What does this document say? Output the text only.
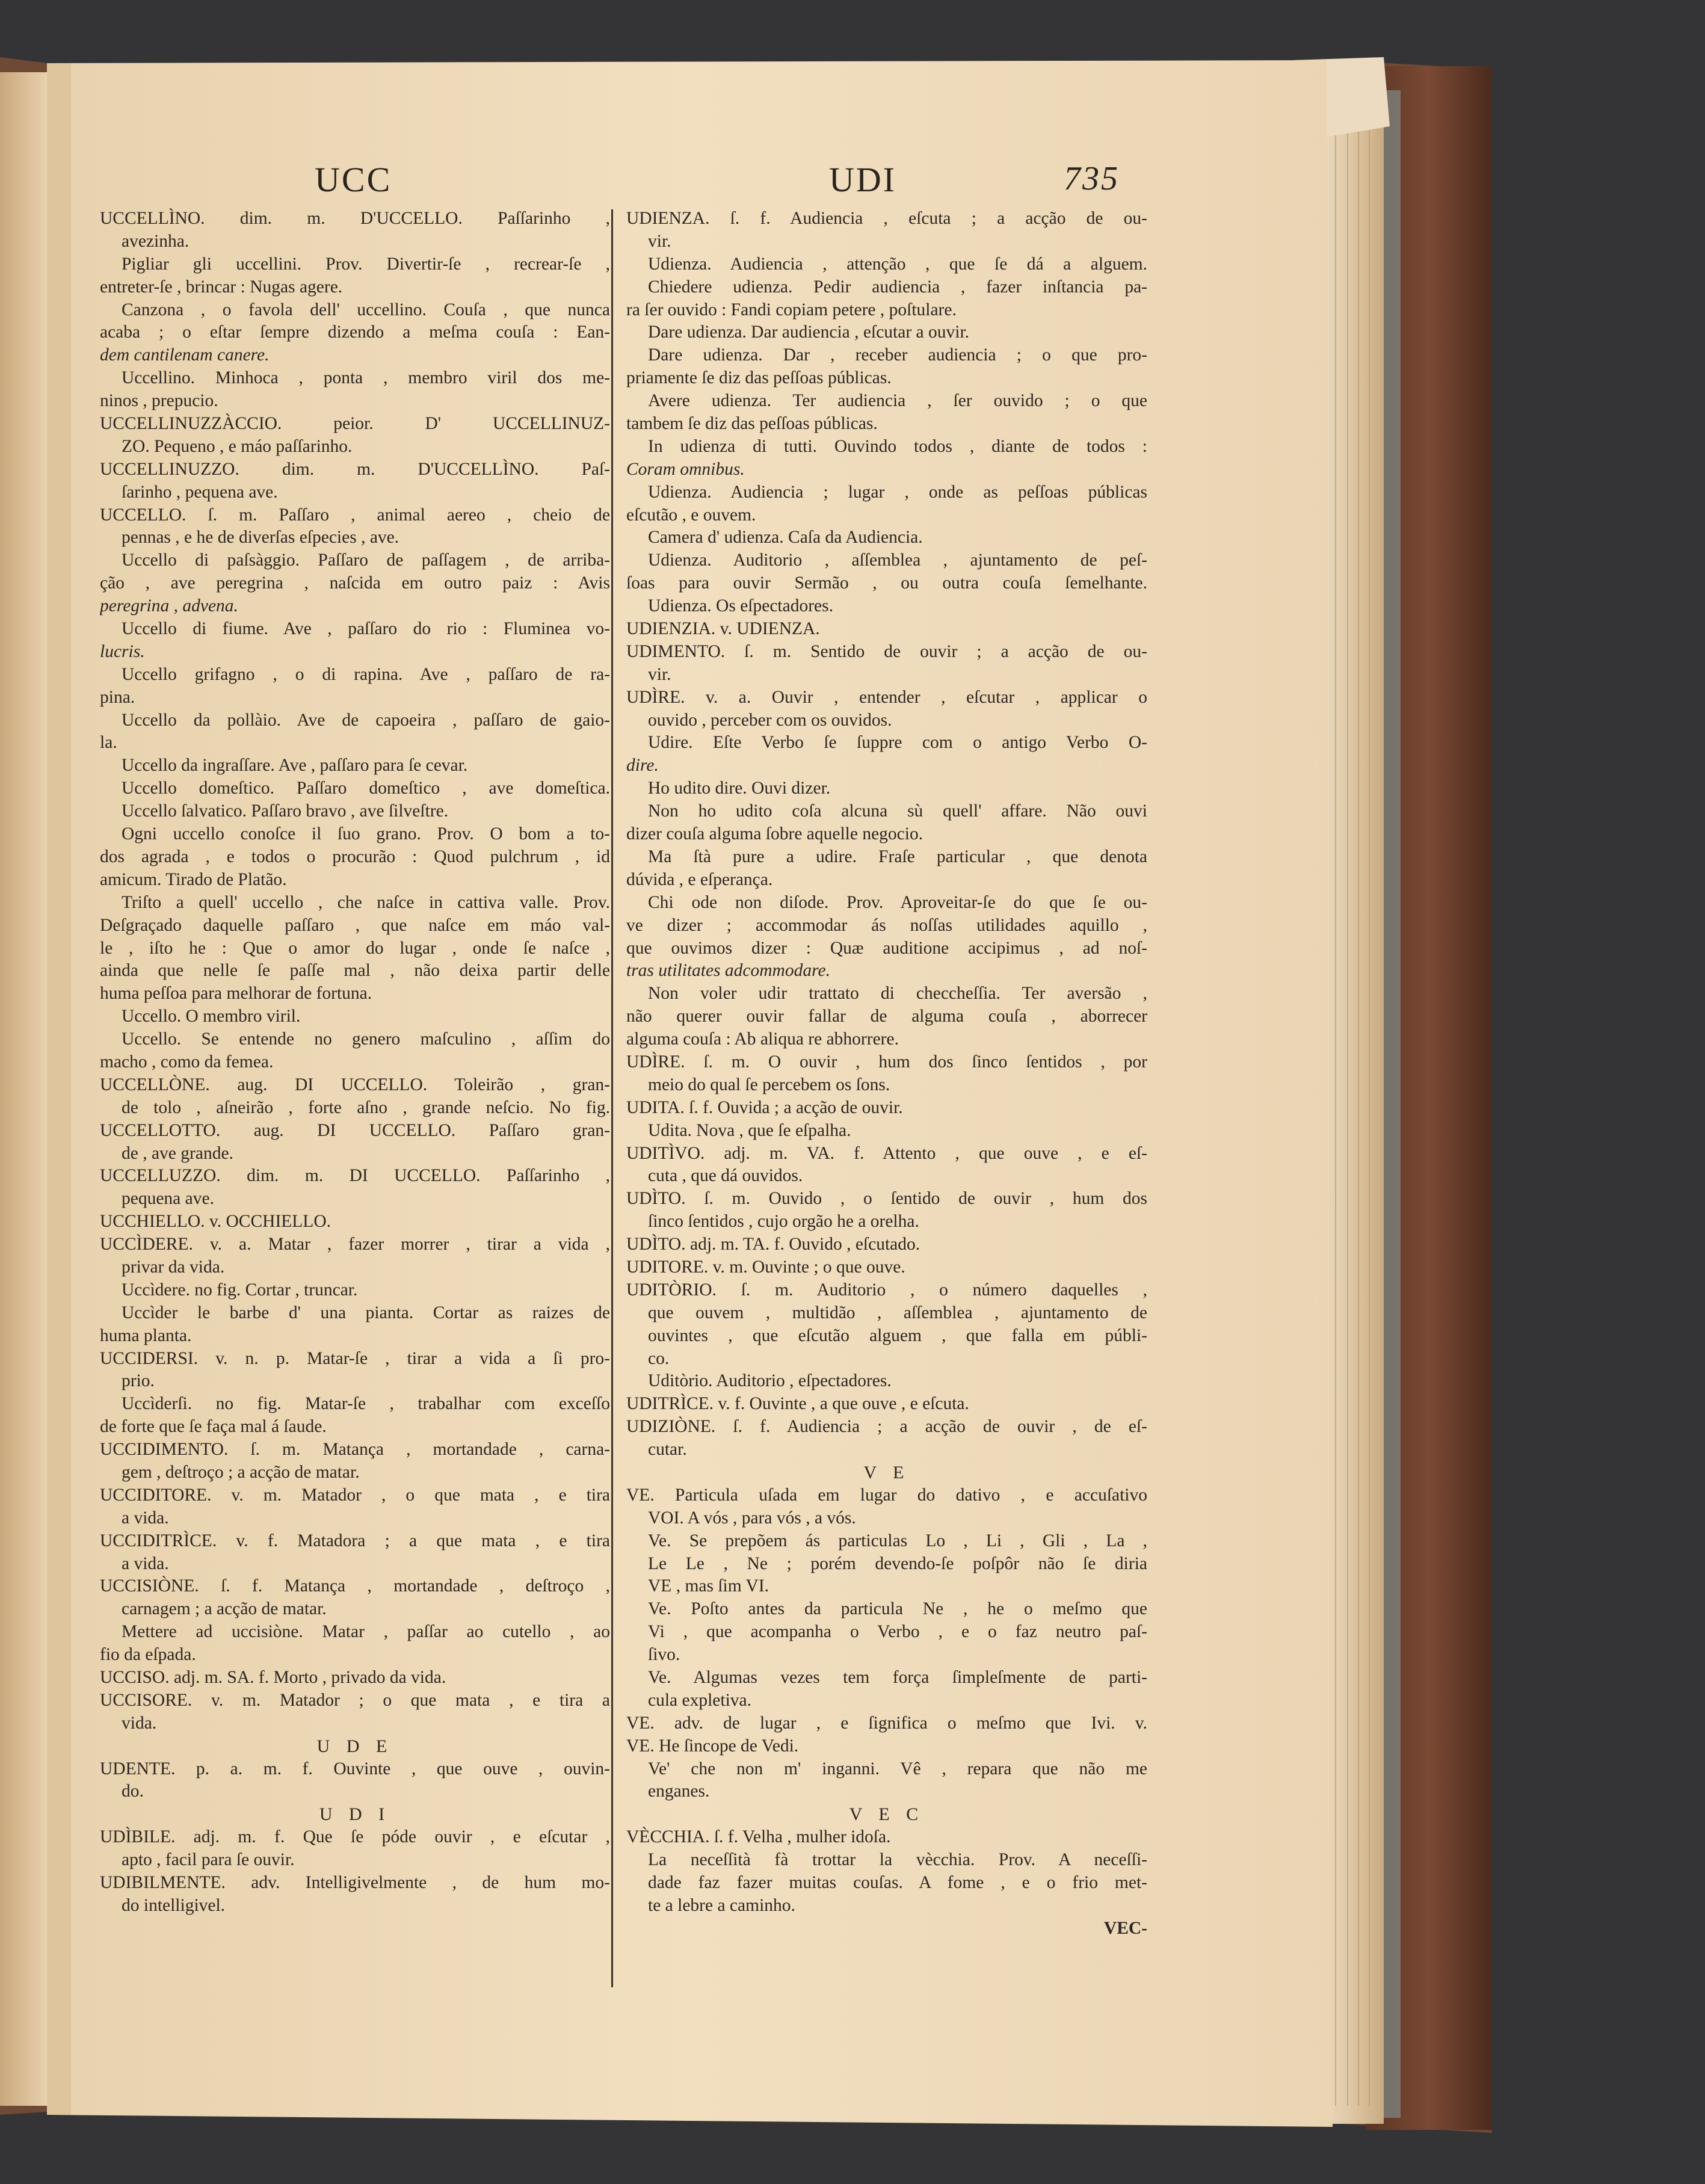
UCC	UDI	735
UCCELLÌNO. dim. m. D'UCCELLO. Paſſarinho ,
avezinha.
Pigliar gli uccellini. Prov. Divertir-ſe , recrear-ſe ,
entreter-ſe , brincar : Nugas agere.
Canzona , o favola dell' uccellino. Couſa , que nunca
acaba ; o eſtar ſempre dizendo a meſma couſa : Ean-
dem cantilenam canere.
Uccellino. Minhoca , ponta , membro viril dos me-
ninos , prepucio.
UCCELLINUZZÀCCIO. peior. D' UCCELLINUZ-
ZO. Pequeno , e máo paſſarinho.
UCCELLINUZZO. dim. m. D'UCCELLÌNO. Paſ-
ſarinho , pequena ave.
UCCELLO. ſ. m. Paſſaro , animal aereo , cheio de
pennas , e he de diverſas eſpecies , ave.
Uccello di paſsàggio. Paſſaro de paſſagem , de arriba-
ção , ave peregrina , naſcida em outro paiz : Avis
peregrina , advena.
Uccello di fiume. Ave , paſſaro do rio : Fluminea vo-
lucris.
Uccello grifagno , o di rapina. Ave , paſſaro de ra-
pina.
Uccello da pollàio. Ave de capoeira , paſſaro de gaio-
la.
Uccello da ingraſſare. Ave , paſſaro para ſe cevar.
Uccello domeſtico. Paſſaro domeſtico , ave domeſtica.
Uccello ſalvatico. Paſſaro bravo , ave ſilveſtre.
Ogni uccello conoſce il ſuo grano. Prov. O bom a to-
dos agrada , e todos o procurão : Quod pulchrum , id
amicum. Tirado de Platão.
Triſto a quell' uccello , che naſce in cattiva valle. Prov.
Deſgraçado daquelle paſſaro , que naſce em máo val-
le , iſto he : Que o amor do lugar , onde ſe naſce ,
ainda que nelle ſe paſſe mal , não deixa partir delle
huma peſſoa para melhorar de fortuna.
Uccello. O membro viril.
Uccello. Se entende no genero maſculino , aſſim do
macho , como da femea.
UCCELLÒNE. aug. DI UCCELLO. Toleirão , gran-
de tolo , aſneirão , forte aſno , grande neſcio. No fig.
UCCELLOTTO. aug. DI UCCELLO. Paſſaro gran-
de , ave grande.
UCCELLUZZO. dim. m. DI UCCELLO. Paſſarinho ,
pequena ave.
UCCHIELLO. v. OCCHIELLO.
UCCÌDERE. v. a. Matar , fazer morrer , tirar a vida ,
privar da vida.
Uccìdere. no fig. Cortar , truncar.
Uccìder le barbe d' una pianta. Cortar as raizes de
huma planta.
UCCIDERSI. v. n. p. Matar-ſe , tirar a vida a ſi pro-
prio.
Uccìderſi. no fig. Matar-ſe , trabalhar com exceſſo
de forte que ſe faça mal á ſaude.
UCCIDIMENTO. ſ. m. Matança , mortandade , carna-
gem , deſtroço ; a acção de matar.
UCCIDITORE. v. m. Matador , o que mata , e tira
a vida.
UCCIDITRÌCE. v. f. Matadora ; a que mata , e tira
a vida.
UCCISIÒNE. ſ. f. Matança , mortandade , deſtroço ,
carnagem ; a acção de matar.
Mettere ad uccisiòne. Matar , paſſar ao cutello , ao
fio da eſpada.
UCCISO. adj. m. SA. f. Morto , privado da vida.
UCCISORE. v. m. Matador ; o que mata , e tira a
vida.
U D E
UDENTE. p. a. m. f. Ouvinte , que ouve , ouvin-
do.
U D I
UDÌBILE. adj. m. f. Que ſe póde ouvir , e eſcutar ,
apto , facil para ſe ouvir.
UDIBILMENTE. adv. Intelligivelmente , de hum mo-
do intelligivel.
UDIENZA. ſ. f. Audiencia , eſcuta ; a acção de ou-
vir.
Udienza. Audiencia , attenção , que ſe dá a alguem.
Chiedere udienza. Pedir audiencia , fazer inſtancia pa-
ra ſer ouvido : Fandi copiam petere , poſtulare.
Dare udienza. Dar audiencia , eſcutar a ouvir.
Dare udienza. Dar , receber audiencia ; o que pro-
priamente ſe diz das peſſoas públicas.
Avere udienza. Ter audiencia , ſer ouvido ; o que
tambem ſe diz das peſſoas públicas.
In udienza di tutti. Ouvindo todos , diante de todos :
Coram omnibus.
Udienza. Audiencia ; lugar , onde as peſſoas públicas
eſcutão , e ouvem.
Camera d' udienza. Caſa da Audiencia.
Udienza. Auditorio , aſſemblea , ajuntamento de peſ-
ſoas para ouvir Sermão , ou outra couſa ſemelhante.
Udienza. Os eſpectadores.
UDIENZIA. v. UDIENZA.
UDIMENTO. ſ. m. Sentido de ouvir ; a acção de ou-
vir.
UDÌRE. v. a. Ouvir , entender , eſcutar , applicar o
ouvido , perceber com os ouvidos.
Udire. Eſte Verbo ſe ſuppre com o antigo Verbo O-
dire.
Ho udito dire. Ouvi dizer.
Non ho udito coſa alcuna sù quell' affare. Não ouvi
dizer couſa alguma ſobre aquelle negocio.
Ma ſtà pure a udire. Fraſe particular , que denota
dúvida , e eſperança.
Chi ode non diſode. Prov. Aproveitar-ſe do que ſe ou-
ve dizer ; accommodar ás noſſas utilidades aquillo ,
que ouvimos dizer : Quæ auditione accipimus , ad noſ-
tras utilitates adcommodare.
Non voler udir trattato di checcheſſia. Ter aversão ,
não querer ouvir fallar de alguma couſa , aborrecer
alguma couſa : Ab aliqua re abhorrere.
UDÌRE. ſ. m. O ouvir , hum dos ſinco ſentidos , por
meio do qual ſe percebem os ſons.
UDITA. ſ. f. Ouvida ; a acção de ouvir.
Udita. Nova , que ſe eſpalha.
UDITÌVO. adj. m. VA. f. Attento , que ouve , e eſ-
cuta , que dá ouvidos.
UDÌTO. ſ. m. Ouvido , o ſentido de ouvir , hum dos
ſinco ſentidos , cujo orgão he a orelha.
UDÌTO. adj. m. TA. f. Ouvido , eſcutado.
UDITORE. v. m. Ouvinte ; o que ouve.
UDITÒRIO. ſ. m. Auditorio , o número daquelles ,
que ouvem , multidão , aſſemblea , ajuntamento de
ouvintes , que eſcutão alguem , que falla em públi-
co.
Uditòrio. Auditorio , eſpectadores.
UDITRÌCE. v. f. Ouvinte , a que ouve , e eſcuta.
UDIZIÒNE. ſ. f. Audiencia ; a acção de ouvir , de eſ-
cutar.
V E
VE. Particula uſada em lugar do dativo , e accuſativo
VOI. A vós , para vós , a vós.
Ve. Se prepõem ás particulas Lo , Li , Gli , La ,
Le Le , Ne ; porém devendo-ſe poſpôr não ſe diria
VE , mas ſim VI.
Ve. Poſto antes da particula Ne , he o meſmo que
Vi , que acompanha o Verbo , e o faz neutro paſ-
ſivo.
Ve. Algumas vezes tem força ſimpleſmente de parti-
cula expletiva.
VE. adv. de lugar , e ſignifica o meſmo que Ivi. v.
VE. He ſincope de Vedi.
Ve' che non m' inganni. Vê , repara que não me
enganes.
V E C
VÈCCHIA. ſ. f. Velha , mulher idoſa.
La neceſſità fà trottar la vècchia. Prov. A neceſſi-
dade faz fazer muitas couſas. A fome , e o frio met-
te a lebre a caminho.
VEC-
